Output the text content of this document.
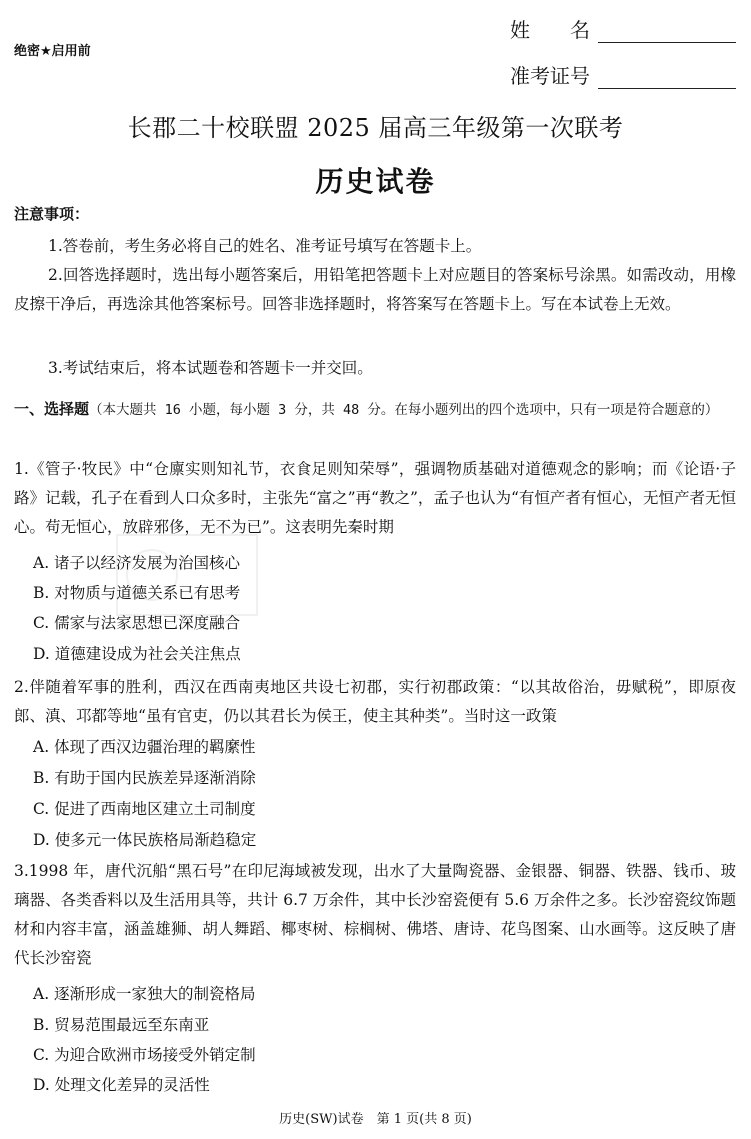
绝密★启用前
姓　　名
准考证号
长郡二十校联盟 2025 届高三年级第一次联考
历史试卷
注意事项：
1.答卷前，考生务必将自己的姓名、准考证号填写在答题卡上。
2.回答选择题时，选出每小题答案后，用铅笔把答题卡上对应题目的答案标号涂黑。如需改动，用橡皮擦干净后，再选涂其他答案标号。回答非选择题时，将答案写在答题卡上。写在本试卷上无效。
3.考试结束后，将本试题卷和答题卡一并交回。
一、选择题（本大题共 16 小题，每小题 3 分，共 48 分。在每小题列出的四个选项中，只有一项是符合题意的）
1.《管子·牧民》中“仓廪实则知礼节，衣食足则知荣辱”，强调物质基础对道德观念的影响；而《论语·子路》记载，孔子在看到人口众多时，主张先“富之”再“教之”，孟子也认为“有恒产者有恒心，无恒产者无恒心。苟无恒心，放辟邪侈，无不为已”。这表明先秦时期
A. 诸子以经济发展为治国核心
B. 对物质与道德关系已有思考
C. 儒家与法家思想已深度融合
D. 道德建设成为社会关注焦点
2.伴随着军事的胜利，西汉在西南夷地区共设七初郡，实行初郡政策：“以其故俗治，毋赋税”，即原夜郎、滇、邛都等地“虽有官吏，仍以其君长为侯王，使主其种类”。当时这一政策
A. 体现了西汉边疆治理的羁縻性
B. 有助于国内民族差异逐渐消除
C. 促进了西南地区建立土司制度
D. 使多元一体民族格局渐趋稳定
3.1998 年，唐代沉船“黑石号”在印尼海域被发现，出水了大量陶瓷器、金银器、铜器、铁器、钱币、玻璃器、各类香料以及生活用具等，共计 6.7 万余件，其中长沙窑瓷便有 5.6 万余件之多。长沙窑瓷纹饰题材和内容丰富，涵盖雄狮、胡人舞蹈、椰枣树、棕榈树、佛塔、唐诗、花鸟图案、山水画等。这反映了唐代长沙窑瓷
A. 逐渐形成一家独大的制瓷格局
B. 贸易范围最远至东南亚
C. 为迎合欧洲市场接受外销定制
D. 处理文化差异的灵活性
历史(SW)试卷　第 1 页(共 8 页)
